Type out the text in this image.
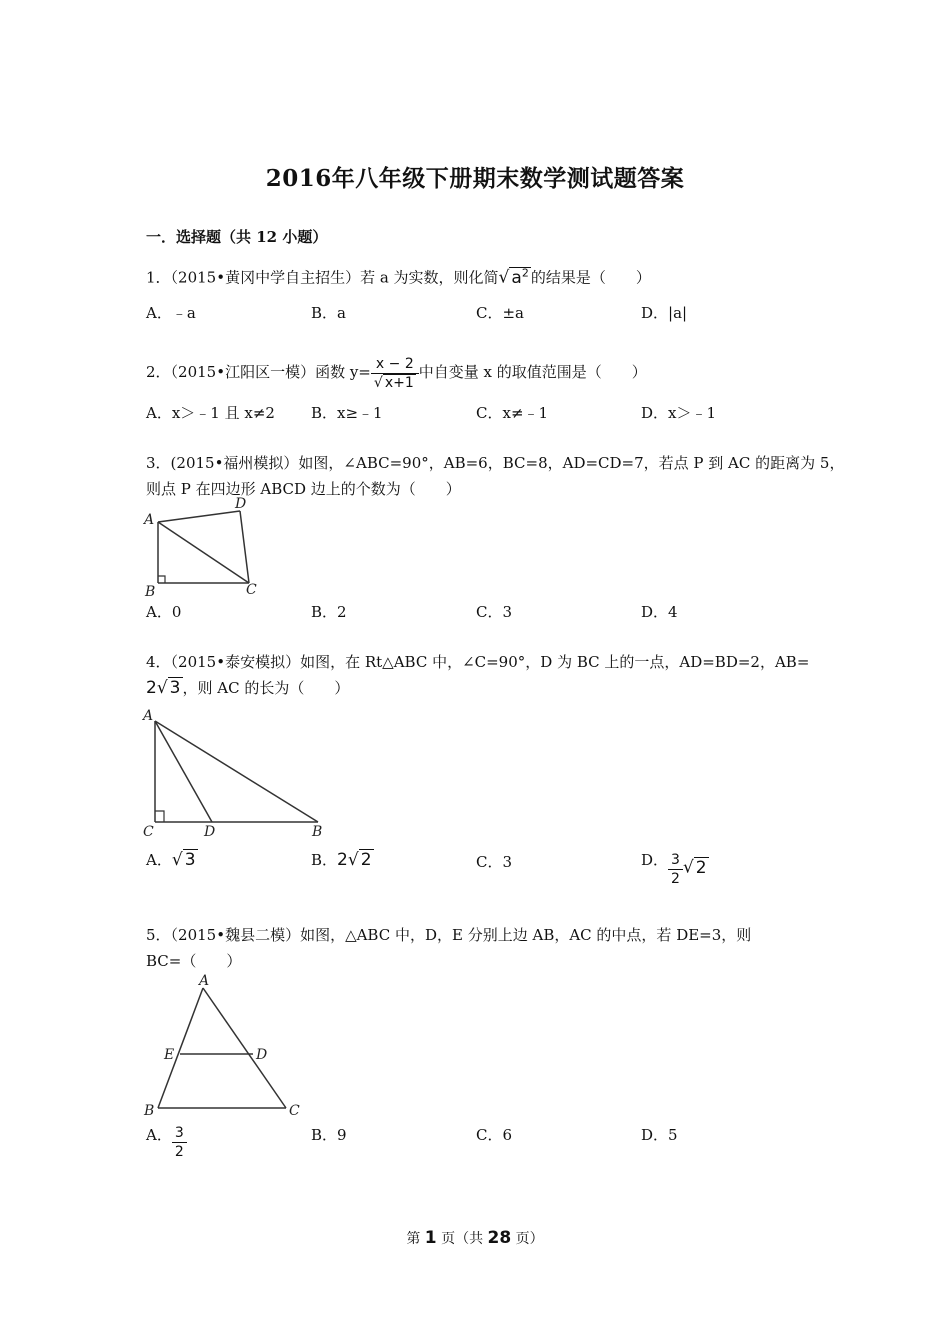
2016年八年级下册期末数学测试题答案
一．选择题（共 12 小题）
1．（2015•黄冈中学自主招生）若 a 为实数，则化简√ $a^2$ 的结果是（　　）
A．﹣a	B．a	C．±a	D．|a|
2．（2015•江阳区一模）函数 $y= \frac{x - 2}{√ x+1}$ 中自变量 x 的取值范围是（　　）
A．x＞﹣1 且 x≠2 B．x≥﹣1	C．x≠﹣1	D．x＞﹣1
3．(2015•福州模拟）如图，∠ABC=90°，AB=6，BC=8，AD=CD=7，若点 P 到 AC 的距离为 5，
则点 P 在四边形 ABCD 边上的个数为（　　）
A
D
B	C
A．0	B．2	C．3	D．4
4．（2015•泰安模拟）如图，在 Rt△ABC 中，∠C=90°，D 为 BC 上的一点，AD=BD=2，AB=
2√ 3 ，则 AC 的长为（　　）
A
C	D	B
A．√ 3	B．2√ 2	C．3	D． $\frac{3}{2}$ √ 2
5．（2015•魏县二模）如图，△ABC 中，D，E 分别上边 AB，AC 的中点，若 DE=3，则
BC=（　　）
A
E	D
B	C
A． $\frac{3}{2}$	B．9	C．6	D．5
第 1 页（共 28 页）
